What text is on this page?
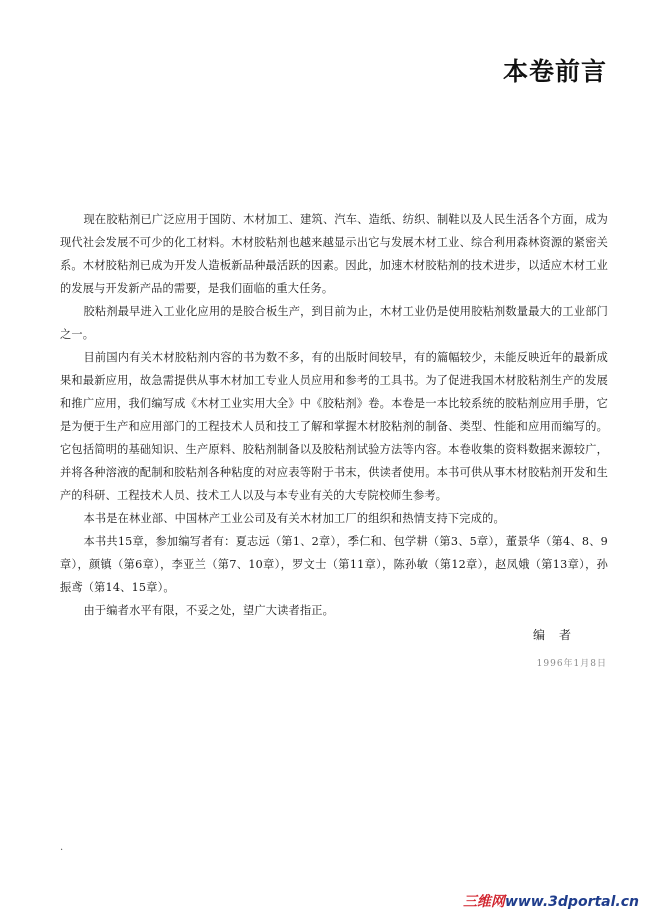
本卷前言

现在胶粘剂已广泛应用于国防、木材加工、建筑、汽车、造纸、纺织、制鞋以及人民生活各个方面，成为现代社会发展不可少的化工材料。木材胶粘剂也越来越显示出它与发展木材工业、综合利用森林资源的紧密关系。木材胶粘剂已成为开发人造板新品种最活跃的因素。因此，加速木材胶粘剂的技术进步，以适应木材工业的发展与开发新产品的需要，是我们面临的重大任务。

胶粘剂最早进入工业化应用的是胶合板生产，到目前为止，木材工业仍是使用胶粘剂数量最大的工业部门之一。

目前国内有关木材胶粘剂内容的书为数不多，有的出版时间较早，有的篇幅较少，未能反映近年的最新成果和最新应用，故急需提供从事木材加工专业人员应用和参考的工具书。为了促进我国木材胶粘剂生产的发展和推广应用，我们编写成《木材工业实用大全》中《胶粘剂》卷。本卷是一本比较系统的胶粘剂应用手册，它是为便于生产和应用部门的工程技术人员和技工了解和掌握木材胶粘剂的制备、类型、性能和应用而编写的。它包括简明的基础知识、生产原料、胶粘剂制备以及胶粘剂试验方法等内容。本卷收集的资料数据来源较广，并将各种溶液的配制和胶粘剂各种粘度的对应表等附于书末，供读者使用。本书可供从事木材胶粘剂开发和生产的科研、工程技术人员、技术工人以及与本专业有关的大专院校师生参考。

本书是在林业部、中国林产工业公司及有关木材加工厂的组织和热情支持下完成的。

本书共15章，参加编写者有：夏志远（第1、2章），季仁和、包学耕（第3、5章），董景华（第4、8、9章），颜镇（第6章），李亚兰（第7、10章），罗文士（第11章），陈孙敏（第12章），赵凤娥（第13章），孙振鸢（第14、15章）。

由于编者水平有限，不妥之处，望广大读者指正。

编者
1996年1月8日
.
三维网www.3dportal.cn
